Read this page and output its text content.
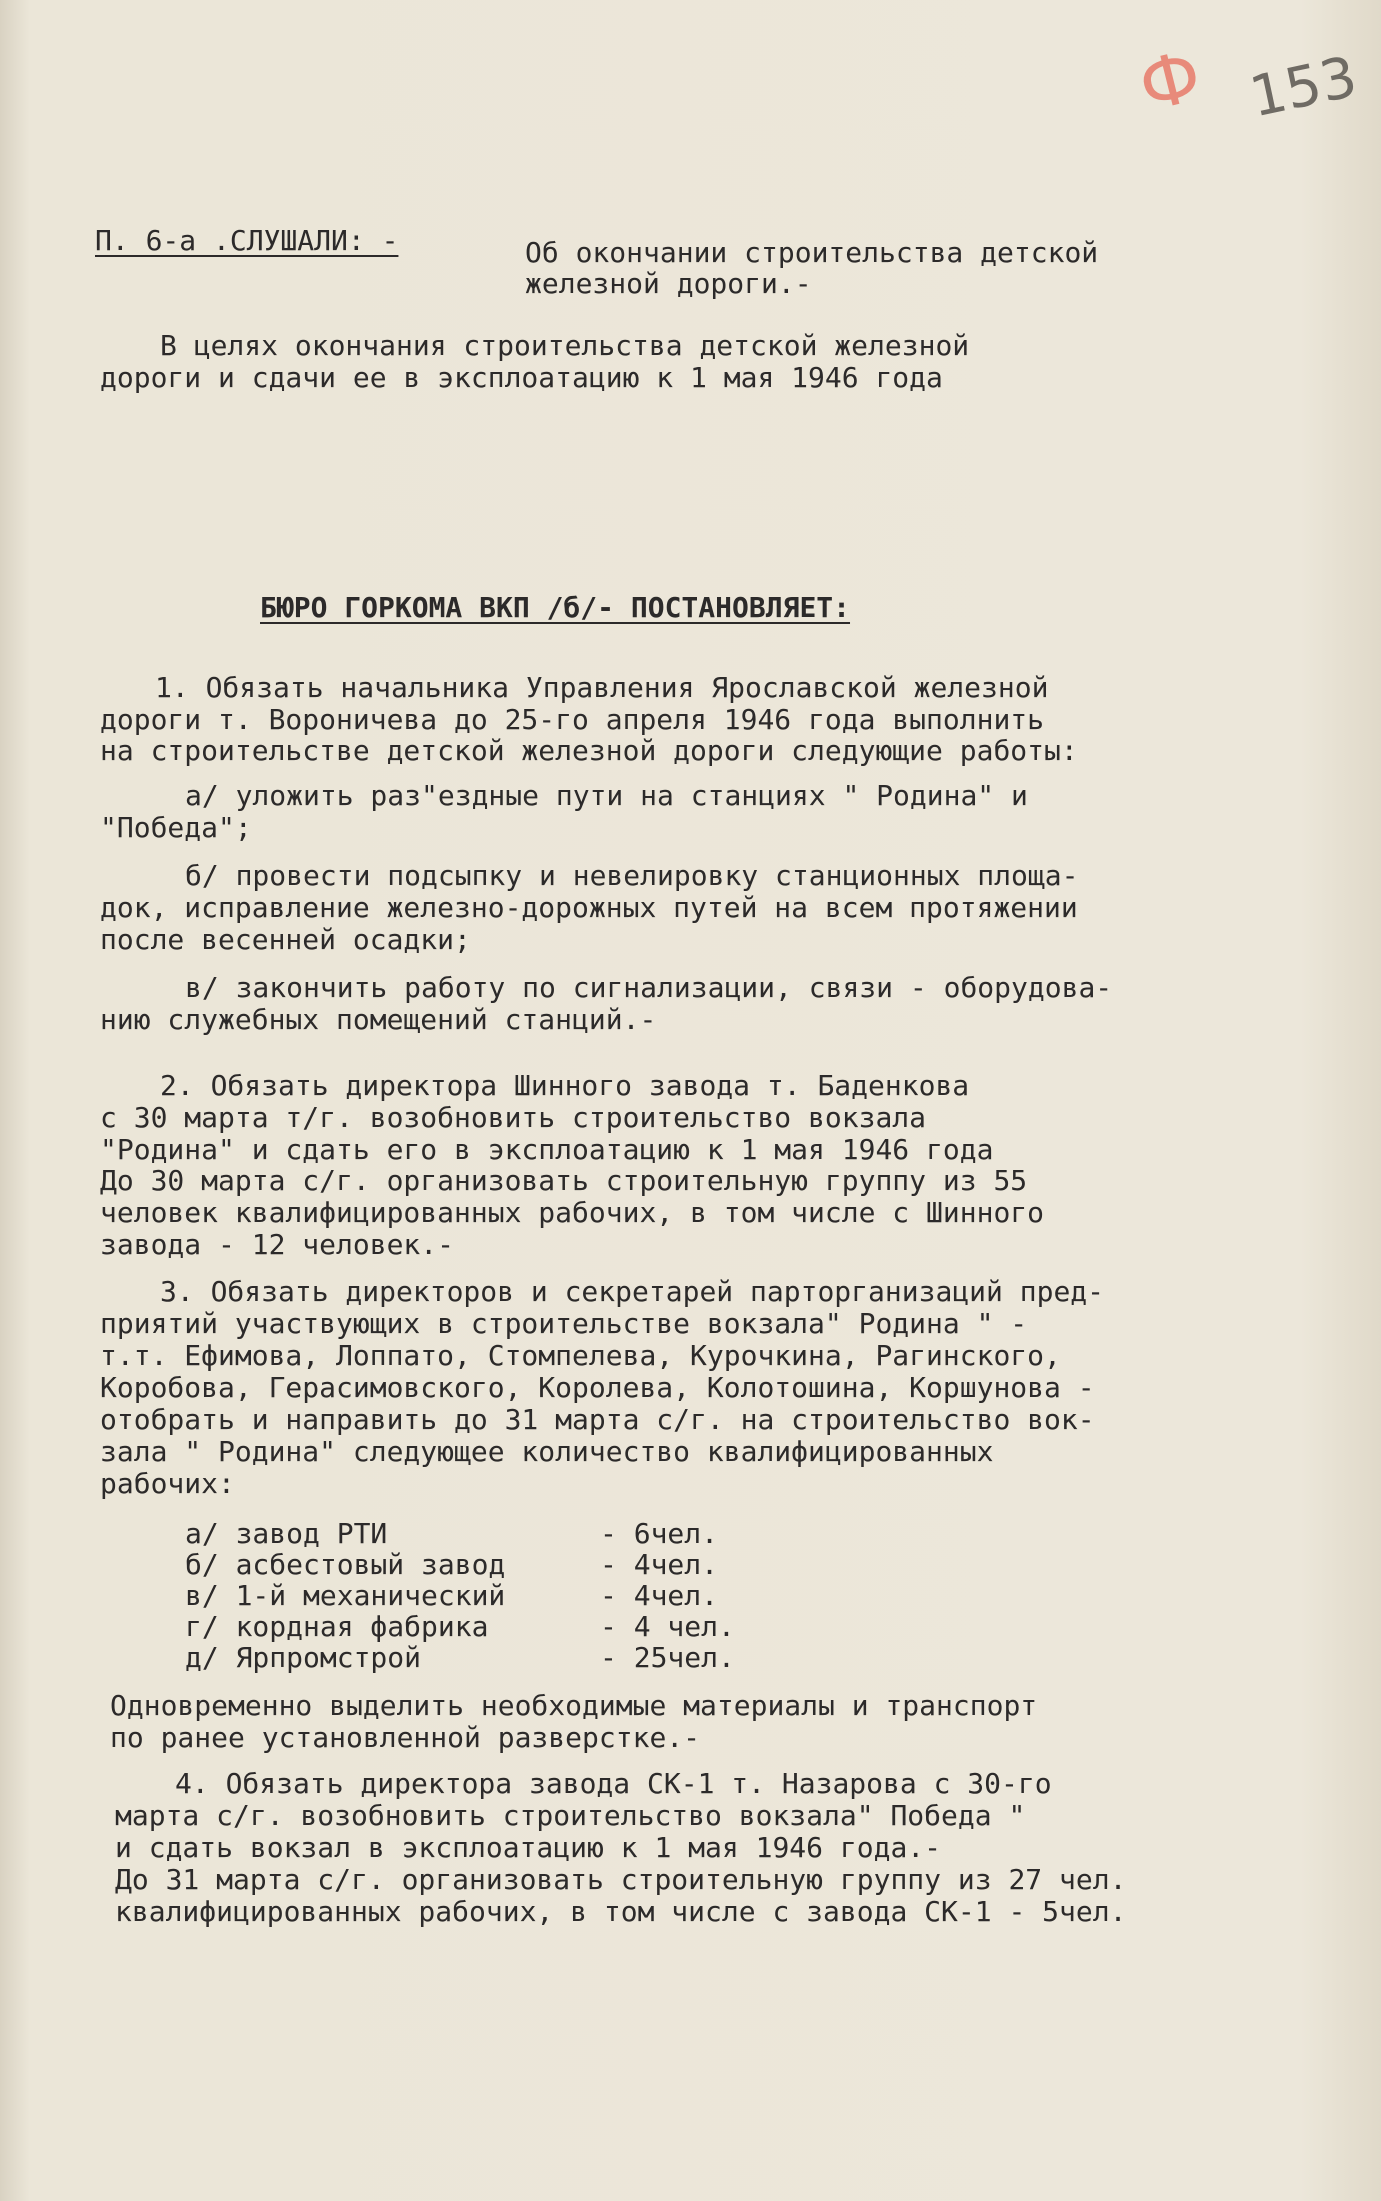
Ф 153
П. 6-а .СЛУШАЛИ: -	Об окончании строительства детской
железной дороги.-
В целях окончания строительства детской железной
дороги и сдачи ее в эксплоатацию к 1 мая 1946 года
БЮРО ГОРКОМА ВКП /б/- ПОСТАНОВЛЯЕТ:
1. Обязать начальника Управления Ярославской железной
дороги т. Вороничева до 25-го апреля 1946 года выполнить
на строительстве детской железной дороги следующие работы:
а/ уложить раз"ездные пути на станциях " Родина" и
"Победа";
б/ провести подсыпку и невелировку станционных площа-
док, исправление железно-дорожных путей на всем протяжении
после весенней осадки;
в/ закончить работу по сигнализации, связи - оборудова-
нию служебных помещений станций.-
2. Обязать директора Шинного завода т. Баденкова
с 30 марта т/г. возобновить строительство вокзала
"Родина" и сдать его в эксплоатацию к 1 мая 1946 года
До 30 марта с/г. организовать строительную группу из 55
человек квалифицированных рабочих, в том числе с Шинного
завода - 12 человек.-
3. Обязать директоров и секретарей парторганизаций пред-
приятий участвующих в строительстве вокзала" Родина " -
т.т. Ефимова, Лоппато, Стомпелева, Курочкина, Рагинского,
Коробова, Герасимовского, Королева, Колотошина, Коршунова -
отобрать и направить до 31 марта с/г. на строительство вок-
зала " Родина" следующее количество квалифицированных
рабочих:
а/ завод РТИ	- 6чел.
б/ асбестовый завод	- 4чел.
в/ 1-й механический	- 4чел.
г/ кордная фабрика	- 4 чел.
д/ Ярпромстрой	- 25чел.
Одновременно выделить необходимые материалы и транспорт
по ранее установленной разверстке.-
4. Обязать директора завода СК-1 т. Назарова с 30-го
марта с/г. возобновить строительство вокзала" Победа "
и сдать вокзал в эксплоатацию к 1 мая 1946 года.-
До 31 марта с/г. организовать строительную группу из 27 чел.
квалифицированных рабочих, в том числе с завода СК-1 - 5чел.
